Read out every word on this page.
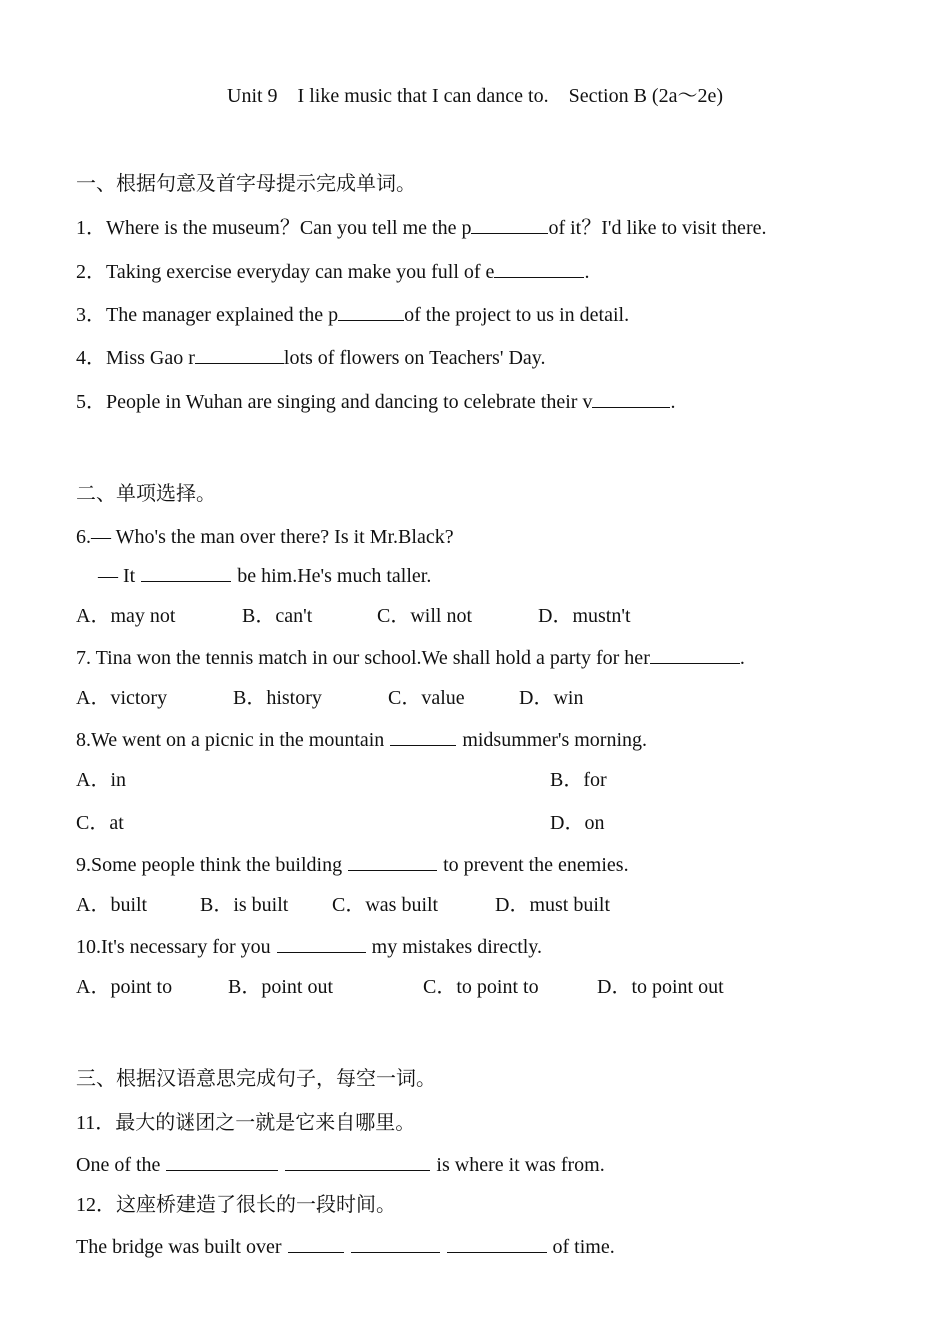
Unit 9    I like music that I can dance to.    Section B (2a～2e)
一、根据句意及首字母提示完成单词。
1．Where is the museum？Can you tell me the p	of it？I'd like to visit there.
2．Taking exercise everyday can make you full of e	.
3．The manager explained the p	of the project to us in detail.
4．Miss Gao r	lots of flowers on Teachers' Day.
5．People in Wuhan are singing and dancing to celebrate their v	.
二、单项选择。
6.— Who's the man over there? Is it Mr.Black?
— It	be him.He's much taller.
A．may not	B．can't	C．will not	D．mustn't
7. Tina won the tennis match in our school.We shall hold a party for her	.
A．victory	B．history	C．value	D．win
8.We went on a picnic in the mountain	midsummer's morning.
A．in	B．for
C．at	D．on
9.Some people think the building	to prevent the enemies.
A．built	B．is built C．was built	D．must built
10.It's necessary for you	my mistakes directly.
A．point to	B．point out	C．to point to	D．to point out
三、根据汉语意思完成句子，每空一词。
11．最大的谜团之一就是它来自哪里。
One of the	is where it was from.
12．这座桥建造了很长的一段时间。
The bridge was built over	of time.
